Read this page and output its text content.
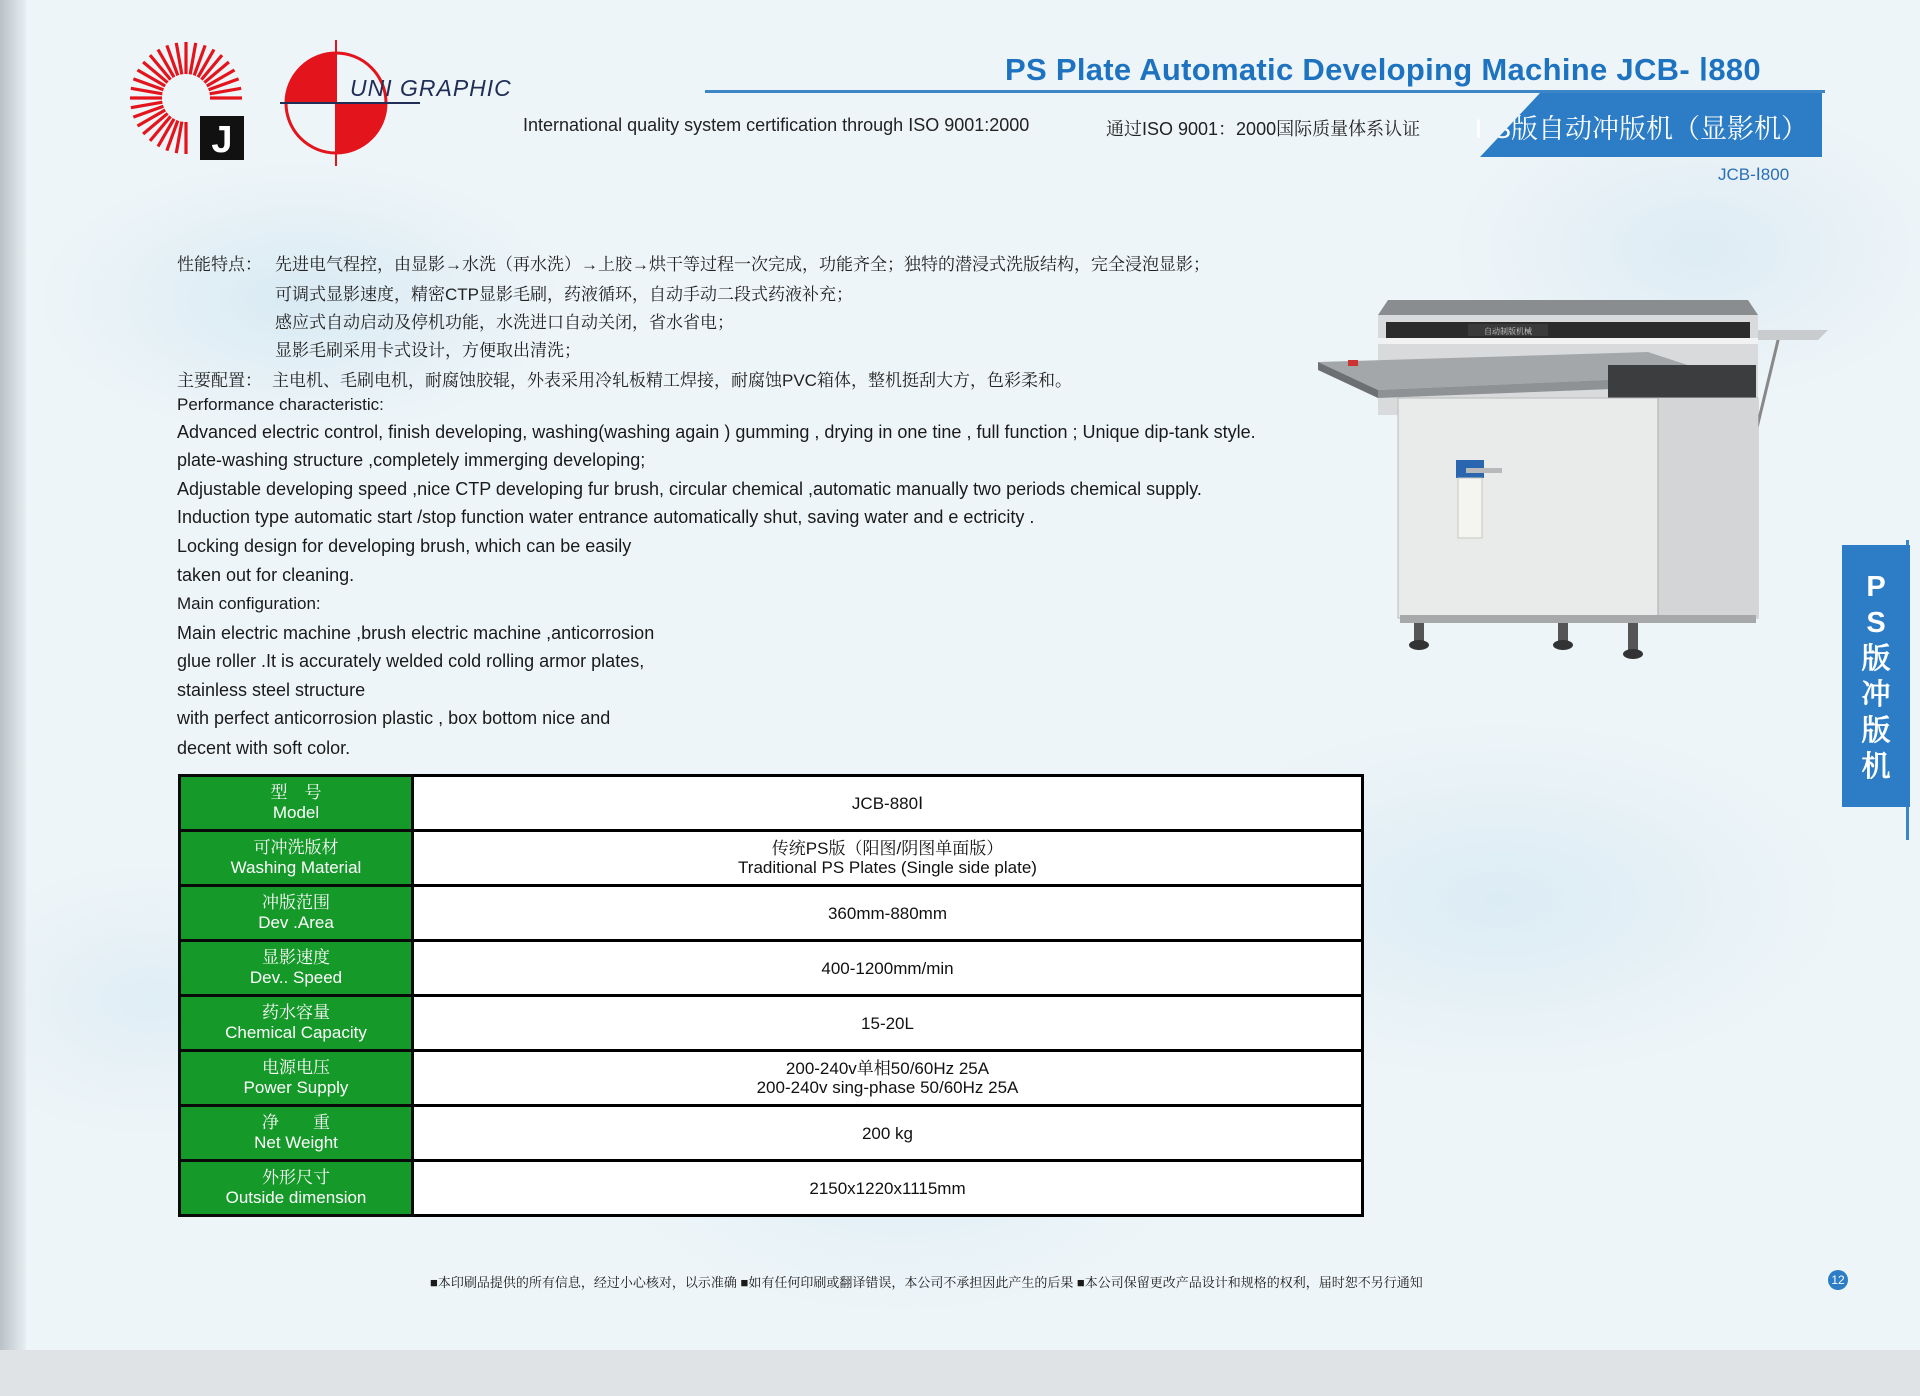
J
UNI GRAPHIC
PS Plate Automatic Developing Machine JCB- Ⅰ880
International quality system certification through ISO 9001:2000	通过ISO 9001：2000国际质量体系认证 PS版自动冲版机（显影机）
JCB-Ⅰ800
性能特点： 先进电气程控，由显影→水洗（再水洗）→上胶→烘干等过程一次完成，功能齐全；独特的潜浸式洗版结构，完全浸泡显影；
可调式显影速度，精密CTP显影毛刷，药液循环，自动手动二段式药液补充；
感应式自动启动及停机功能，水洗进口自动关闭，省水省电；
显影毛刷采用卡式设计，方便取出清洗；
主要配置： 主电机、毛刷电机，耐腐蚀胶辊，外表采用冷轧板精工焊接，耐腐蚀PVC箱体，整机挺刮大方，色彩柔和。
Performance characteristic:
Advanced electric control, finish developing, washing(washing again ) gumming , drying in one tine , full function ; Unique dip-tank style.
plate-washing structure ,completely immerging developing;
Adjustable developing speed ,nice CTP developing fur brush, circular chemical ,automatic manually two periods chemical supply.
Induction type automatic start /stop function water entrance automatically shut, saving water and e ectricity .
Locking design for developing brush, which can be easily
taken out for cleaning.
Main configuration:
Main electric machine ,brush electric machine ,anticorrosion
glue roller .It is accurately welded cold rolling armor plates,
stainless steel structure
with perfect anticorrosion plastic , box bottom nice and
decent with soft color.
自动制版机械
P
S
版
冲
版
机
型　号
Model	JCB-880Ⅰ

可冲洗版材
Washing Material	传统PS版（阳图/阴图单面版）
Traditional PS Plates (Single side plate)

冲版范围
Dev .Area	360mm-880mm

显影速度
Dev.. Speed	400-1200mm/min

药水容量
Chemical Capacity	15-20L

电源电压
Power Supply	200-240v单相50/60Hz 25A
200-240v sing-phase 50/60Hz 25A

净　　重
Net Weight	200 kg

外形尺寸
Outside dimension	2150x1220x1115mm
■本印刷品提供的所有信息，经过小心核对，以示准确 ■如有任何印刷或翻译错误，本公司不承担因此产生的后果 ■本公司保留更改产品设计和规格的权利，届时恕不另行通知	12
